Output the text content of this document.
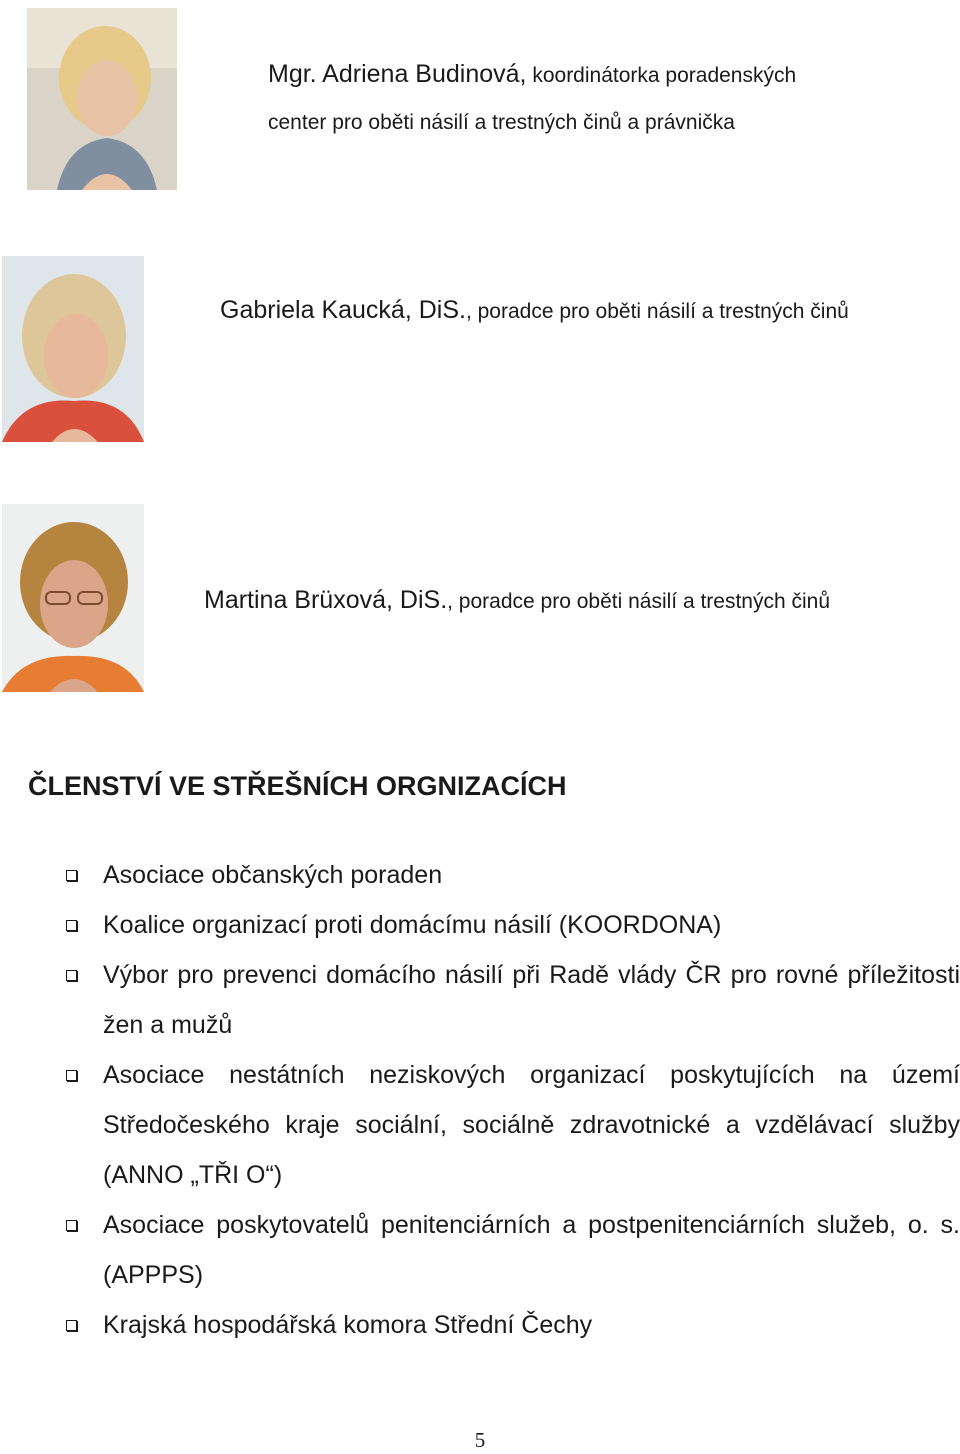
Mgr. Adriena Budinová, koordinátorka poradenských
center pro oběti násilí a trestných činů a právnička
Gabriela Kaucká, DiS., poradce pro oběti násilí a trestných činů
Martina Brüxová, DiS., poradce pro oběti násilí a trestných činů
ČLENSTVÍ VE STŘEŠNÍCH ORGNIZACÍCH
Asociace občanských poraden
Koalice organizací proti domácímu násilí (KOORDONA)
Výbor pro prevenci domácího násilí při Radě vlády ČR pro rovné příležitosti žen a mužů
Asociace nestátních neziskových organizací poskytujících na území Středočeského kraje sociální, sociálně zdravotnické a vzdělávací služby (ANNO „TŘI O“)
Asociace poskytovatelů penitenciárních a postpenitenciárních služeb, o. s. (APPPS)
Krajská hospodářská komora Střední Čechy
5
